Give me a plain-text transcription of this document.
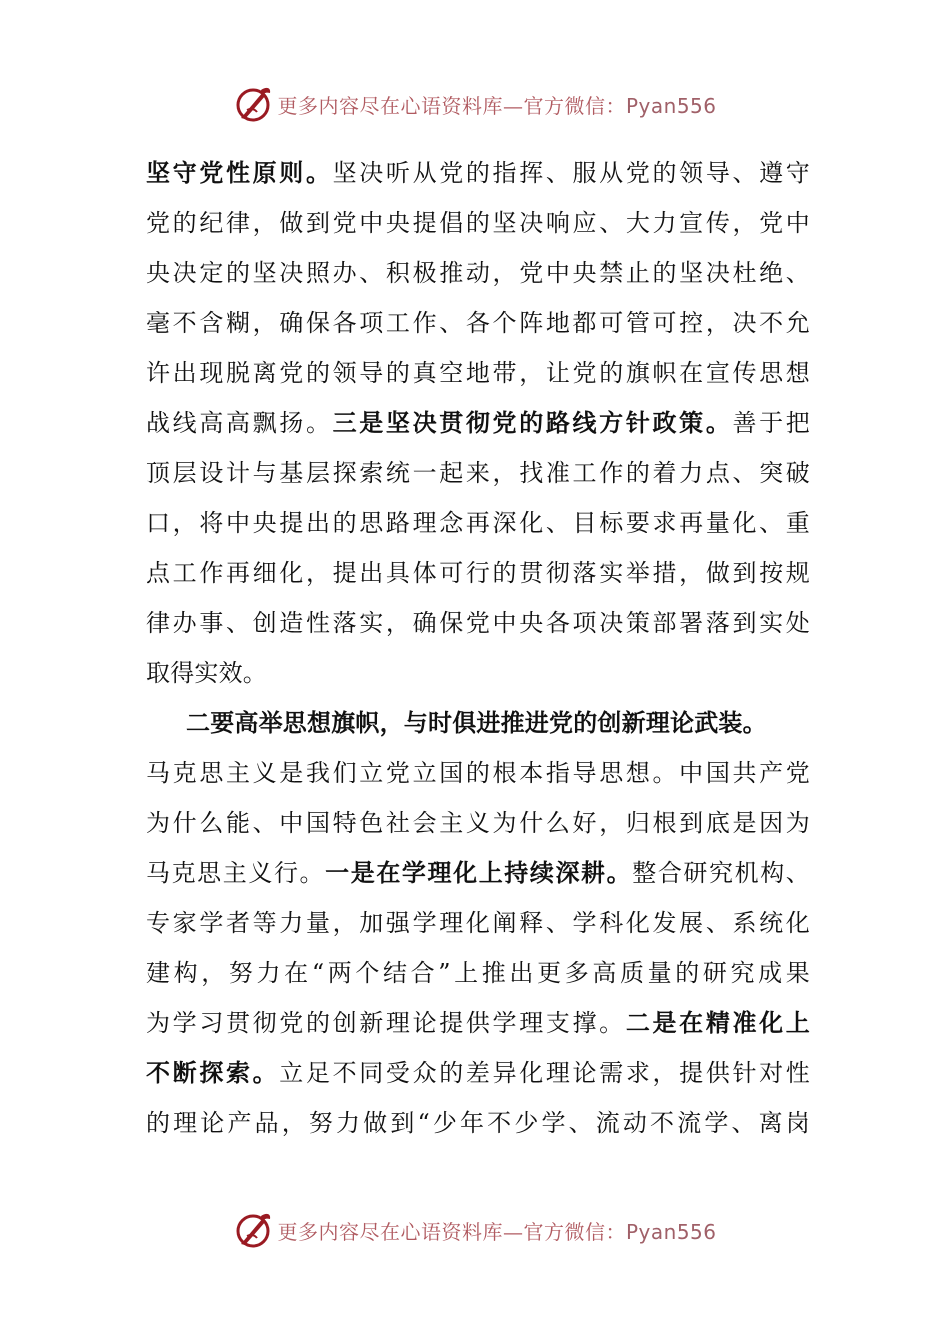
更多内容尽在心语资料库—官方微信：Pyan556
坚守党性原则。坚决听从党的指挥、服从党的领导、遵守
党的纪律，做到党中央提倡的坚决响应、大力宣传，党中
央决定的坚决照办、积极推动，党中央禁止的坚决杜绝、
毫不含糊，确保各项工作、各个阵地都可管可控，决不允
许出现脱离党的领导的真空地带，让党的旗帜在宣传思想
战线高高飘扬。三是坚决贯彻党的路线方针政策。善于把
顶层设计与基层探索统一起来，找准工作的着力点、突破
口，将中央提出的思路理念再深化、目标要求再量化、重
点工作再细化，提出具体可行的贯彻落实举措，做到按规
律办事、创造性落实，确保党中央各项决策部署落到实处
取得实效。
二要高举思想旗帜，与时俱进推进党的创新理论武装。
马克思主义是我们立党立国的根本指导思想。中国共产党
为什么能、中国特色社会主义为什么好，归根到底是因为
马克思主义行。一是在学理化上持续深耕。整合研究机构、
专家学者等力量，加强学理化阐释、学科化发展、系统化
建构，努力在“两个结合”上推出更多高质量的研究成果
为学习贯彻党的创新理论提供学理支撑。二是在精准化上
不断探索。立足不同受众的差异化理论需求，提供针对性
的理论产品，努力做到“少年不少学、流动不流学、离岗
更多内容尽在心语资料库—官方微信：Pyan556
